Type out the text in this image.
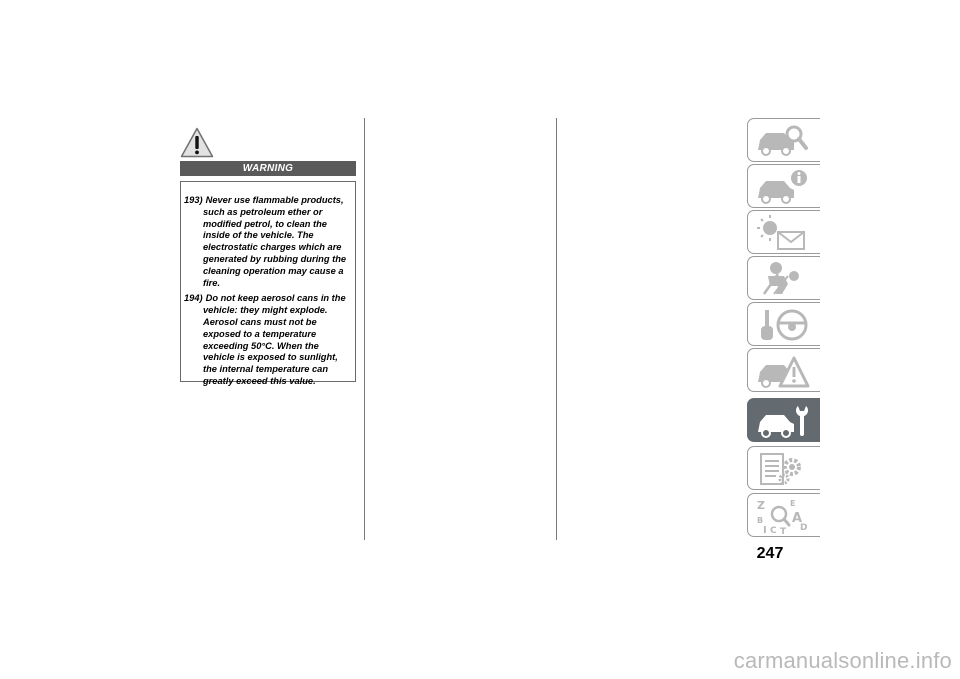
WARNING
193) Never use flammable products, such as petroleum ether or modified petrol, to clean the inside of the vehicle. The electrostatic charges which are generated by rubbing during the cleaning operation may cause a fire.
194) Do not keep aerosol cans in the vehicle: they might explode. Aerosol cans must not be exposed to a temperature exceeding 50°C. When the vehicle is exposed to sunlight, the internal temperature can greatly exceed this value.
Z	E
B A
I C T D
247
carmanualsonline.info
